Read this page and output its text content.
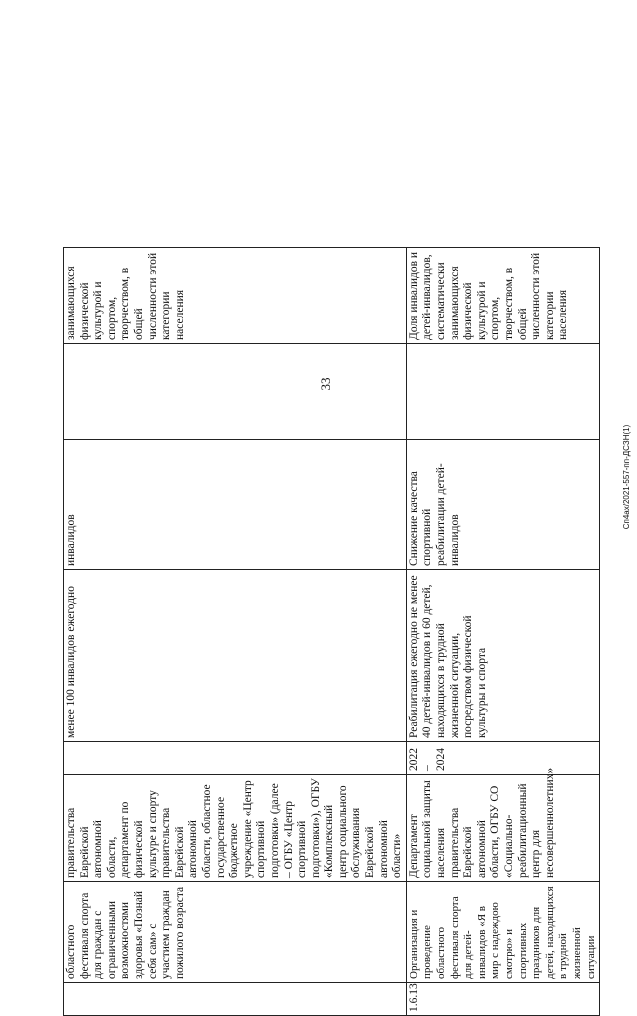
33
Сп4ах/2021-557-пп-ДСЗН(1)
	областного фестиваля спорта для граждан с ограниченными возможностями здоровья «Познай себя сам» с участием граждан пожилого возраста	правительства Еврейской автономной области, департамент по физической культуре и спорту правительства Еврейской автономной области, областное государственное бюджетное учреждение «Центр спортивной подготовки» (далее – ОГБУ «Центр спортивной подготовки»), ОГБУ «Комплексный центр социального обслуживания Еврейской автономной области»		менее 100 инвалидов ежегодно	инвалидов		занимающихся физической культурой и спортом, творчеством, в общей численности этой категории населения
1.6.13	Организация и проведение областного фестиваля спорта для детей-инвалидов «Я в мир с надеждою смотрю» и спортивных праздников для детей, находящихся в трудной жизненной ситуации	Департамент социальной защиты населения правительства Еврейской автономной области, ОГБУ СО «Социально-реабилитационный центр для несовершеннолетних»	2022 – 2024	Реабилитация ежегодно не менее 40 детей-инвалидов и 60 детей, находящихся в трудной жизненной ситуации, посредством физической культуры и спорта	Снижение качества спортивной реабилитации детей-инвалидов		Доля инвалидов и детей-инвалидов, систематически занимающихся физической культурой и спортом, творчеством, в общей численности этой категории населения
